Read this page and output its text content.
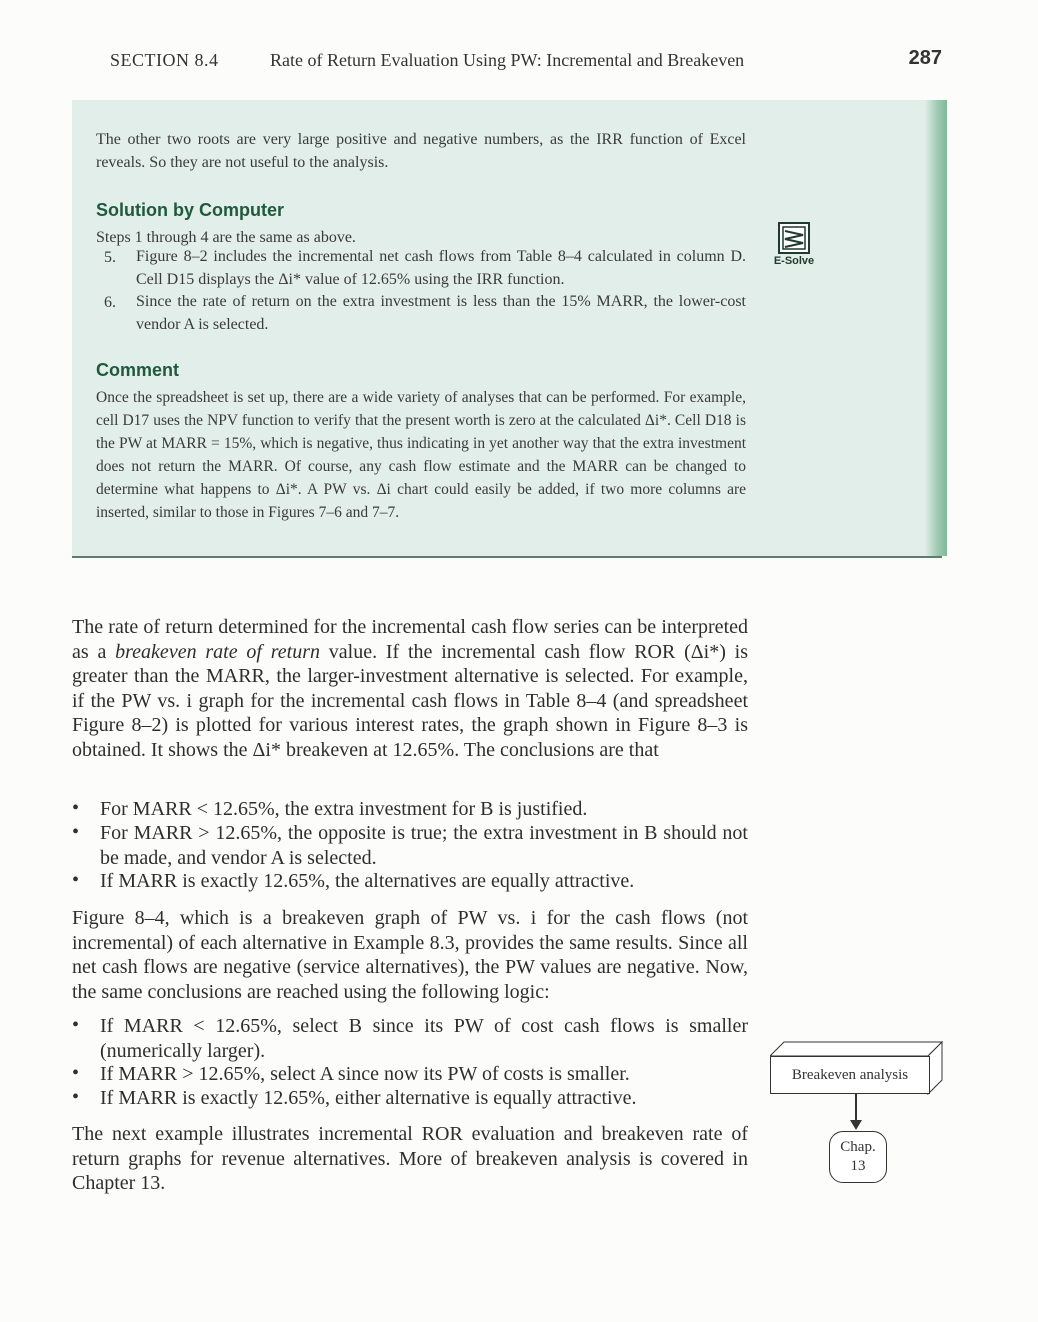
SECTION 8.4	Rate of Return Evaluation Using PW: Incremental and Breakeven	287

The other two roots are very large positive and negative numbers, as the IRR function of Excel reveals. So they are not useful to the analysis.

Solution by Computer

Steps 1 through 4 are the same as above.

5. Figure 8–2 includes the incremental net cash flows from Table 8–4 calculated in column D. Cell D15 displays the Δi* value of 12.65% using the IRR function.

6. Since the rate of return on the extra investment is less than the 15% MARR, the lower-cost vendor A is selected.

Comment

Once the spreadsheet is set up, there are a wide variety of analyses that can be performed. For example, cell D17 uses the NPV function to verify that the present worth is zero at the calculated Δi*. Cell D18 is the PW at MARR = 15%, which is negative, thus indicating in yet another way that the extra investment does not return the MARR. Of course, any cash flow estimate and the MARR can be changed to determine what happens to Δi*. A PW vs. Δi chart could easily be added, if two more columns are inserted, similar to those in Figures 7–6 and 7–7.

E-Solve

The rate of return determined for the incremental cash flow series can be interpreted as a breakeven rate of return value. If the incremental cash flow ROR (Δi*) is greater than the MARR, the larger-investment alternative is selected. For example, if the PW vs. i graph for the incremental cash flows in Table 8–4 (and spreadsheet Figure 8–2) is plotted for various interest rates, the graph shown in Figure 8–3 is obtained. It shows the Δi* breakeven at 12.65%. The conclusions are that

• For MARR < 12.65%, the extra investment for B is justified.

• For MARR > 12.65%, the opposite is true; the extra investment in B should not be made, and vendor A is selected.

• If MARR is exactly 12.65%, the alternatives are equally attractive.

Figure 8–4, which is a breakeven graph of PW vs. i for the cash flows (not incremental) of each alternative in Example 8.3, provides the same results. Since all net cash flows are negative (service alternatives), the PW values are negative. Now, the same conclusions are reached using the following logic:

• If MARR < 12.65%, select B since its PW of cost cash flows is smaller (numerically larger).

• If MARR > 12.65%, select A since now its PW of costs is smaller.

• If MARR is exactly 12.65%, either alternative is equally attractive.

The next example illustrates incremental ROR evaluation and breakeven rate of return graphs for revenue alternatives. More of breakeven analysis is covered in Chapter 13.

Breakeven analysis
Chap.
13
